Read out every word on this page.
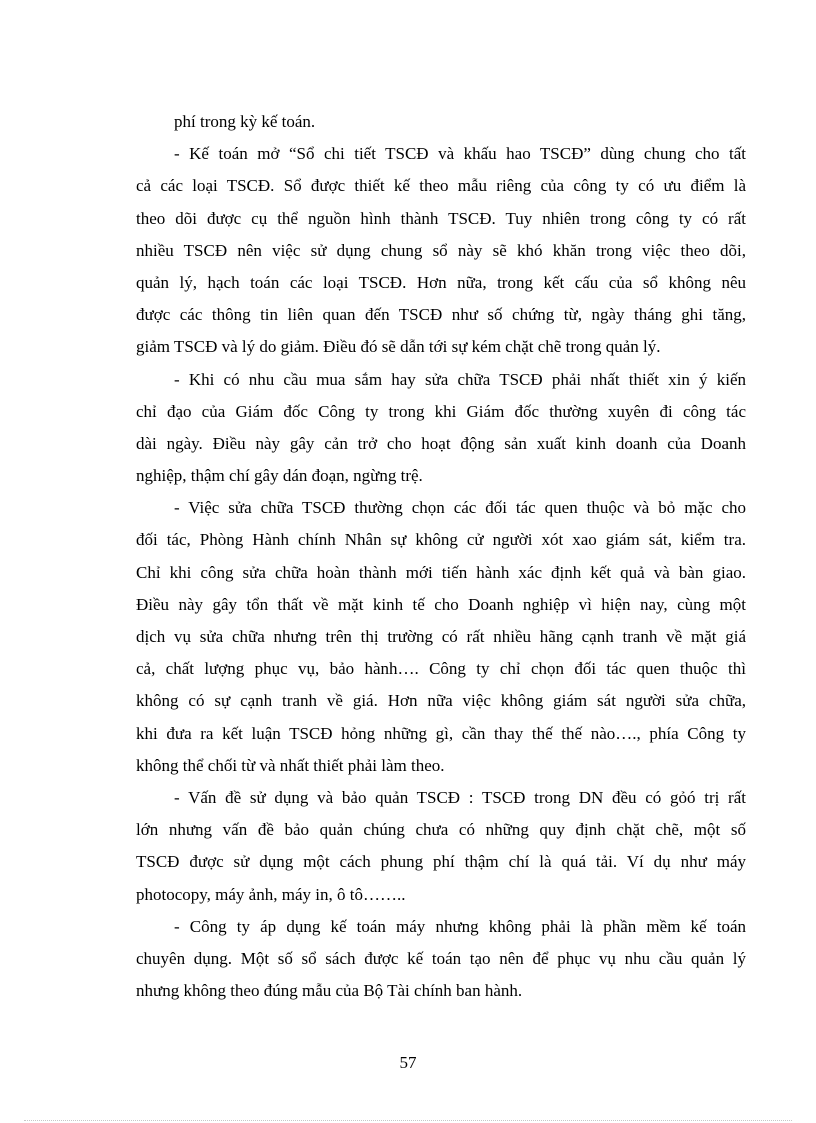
phí trong kỳ kế toán.
- Kế toán mở “Sổ chi tiết TSCĐ và khấu hao TSCĐ” dùng chung cho tất
cả các loại TSCĐ. Sổ được thiết kế theo mẫu riêng của công ty có ưu điểm là
theo dõi được cụ thể nguồn hình thành TSCĐ. Tuy nhiên trong công ty có rất
nhiều TSCĐ nên việc sử dụng chung sổ này sẽ khó khăn trong việc theo dõi,
quản lý, hạch toán các loại TSCĐ. Hơn nữa, trong kết cấu của sổ không nêu
được các thông tin liên quan đến TSCĐ như số chứng từ, ngày tháng ghi tăng,
giảm TSCĐ và lý do giảm. Điều đó sẽ dẫn tới sự kém chặt chẽ trong quản lý.
- Khi có nhu cầu mua sắm hay sửa chữa TSCĐ phải nhất thiết xin ý kiến
chỉ đạo của Giám đốc Công ty trong khi Giám đốc thường xuyên đi công tác
dài ngày. Điều này gây cản trở cho hoạt động sản xuất kinh doanh của Doanh
nghiệp, thậm chí gây dán đoạn, ngừng trệ.
- Việc sửa chữa TSCĐ thường chọn các đối tác quen thuộc và bỏ mặc cho
đối tác, Phòng Hành chính Nhân sự không cử người xót xao giám sát, kiểm tra.
Chỉ khi công sửa chữa hoàn thành mới tiến hành xác định kết quả và bàn giao.
Điều này gây tổn thất về mặt kinh tế cho Doanh nghiệp vì hiện nay, cùng một
dịch vụ sửa chữa nhưng trên thị trường có rất nhiều hãng cạnh tranh về mặt giá
cả, chất lượng phục vụ, bảo hành…. Công ty chỉ chọn đối tác quen thuộc thì
không có sự cạnh tranh về giá. Hơn nữa việc không giám sát người sửa chữa,
khi đưa ra kết luận TSCĐ hỏng những gì, cần thay thế thế nào…., phía Công ty
không thể chối từ và nhất thiết phải làm theo.
- Vấn đề sử dụng và bảo quản TSCĐ : TSCĐ trong DN đều có gỏó trị rất
lớn nhưng vấn đề bảo quản chúng chưa có những quy định chặt chẽ, một số
TSCĐ được sử dụng một cách phung phí thậm chí là quá tải. Ví dụ như máy
photocopy, máy ảnh, máy in, ô tô……..
- Công ty áp dụng kế toán máy nhưng không phải là phần mềm kế toán
chuyên dụng. Một số sổ sách được kế toán tạo nên để phục vụ nhu cầu quản lý
nhưng không theo đúng mẫu của Bộ Tài chính ban hành.
57
